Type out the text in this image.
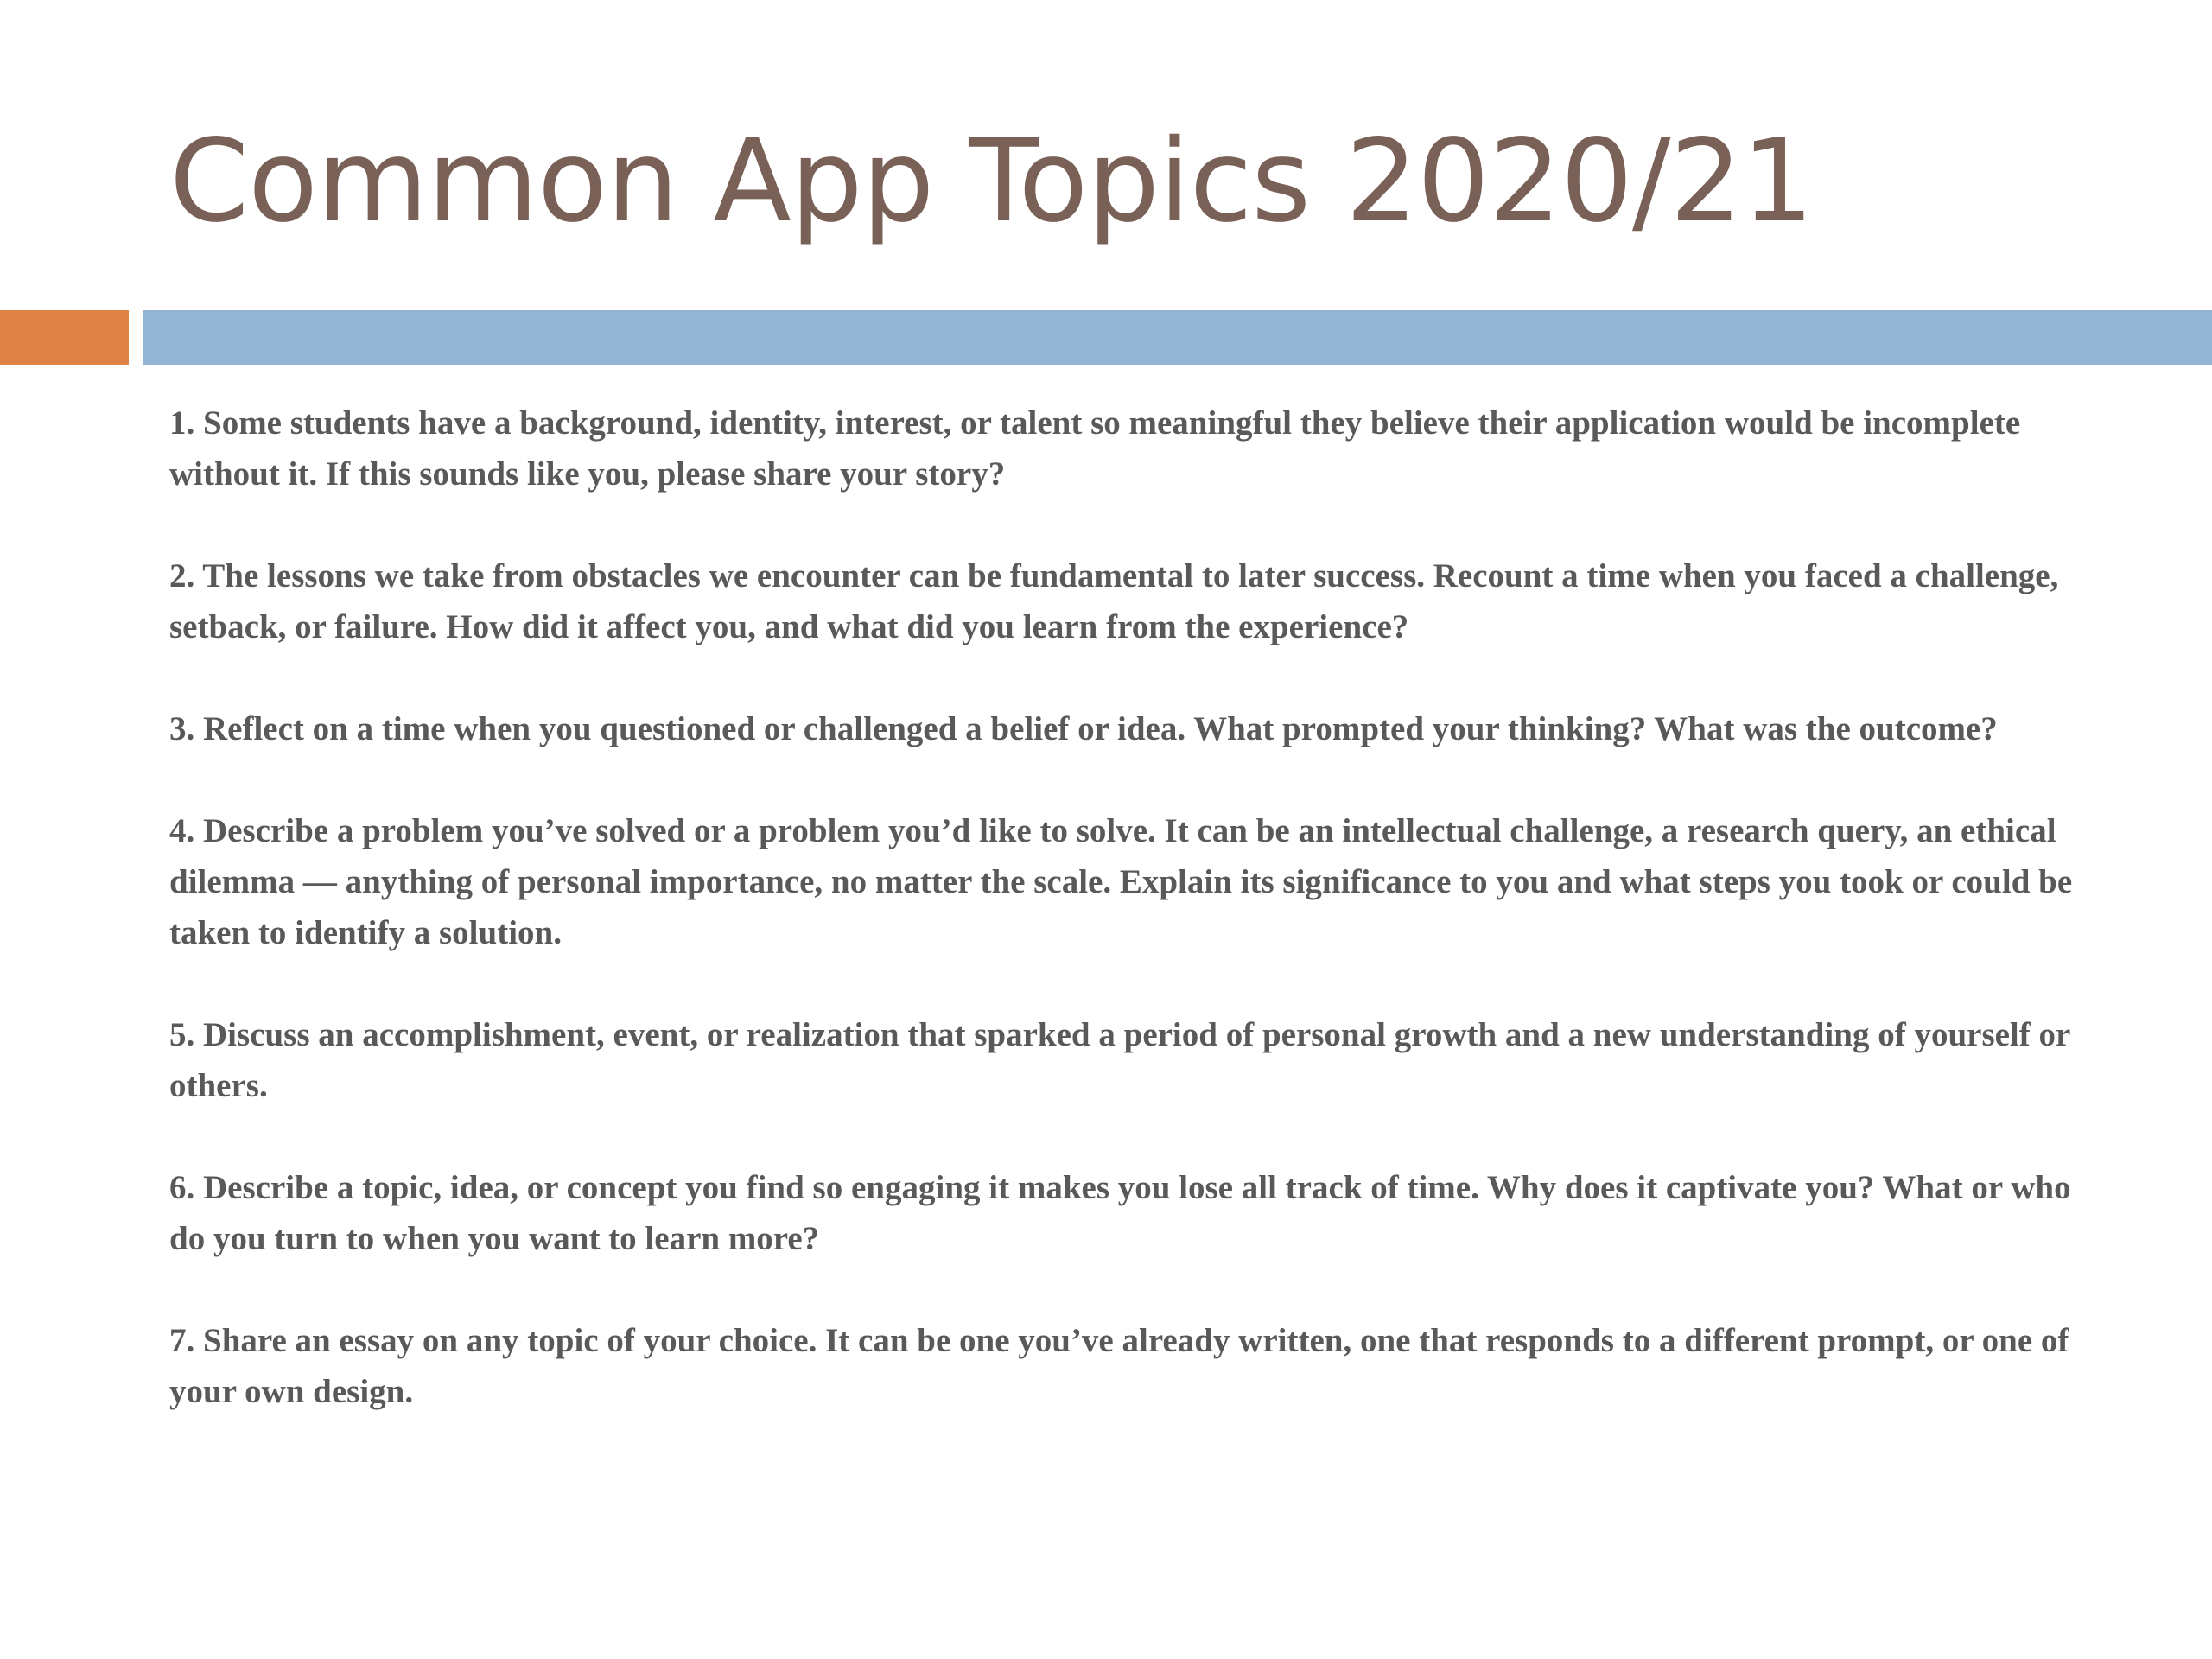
Common App Topics 2020/21
1. Some students have a background, identity, interest, or talent so meaningful they believe their application would be incomplete without it. If this sounds like you, please share your story?
2. The lessons we take from obstacles we encounter can be fundamental to later success. Recount a time when you faced a challenge, setback, or failure. How did it affect you, and what did you learn from the experience?
3. Reflect on a time when you questioned or challenged a belief or idea. What prompted your thinking? What was the outcome?
4. Describe a problem you’ve solved or a problem you’d like to solve. It can be an intellectual challenge, a research query, an ethical dilemma — anything of personal importance, no matter the scale. Explain its significance to you and what steps you took or could be taken to identify a solution.
5. Discuss an accomplishment, event, or realization that sparked a period of personal growth and a new understanding of yourself or others.
6. Describe a topic, idea, or concept you find so engaging it makes you lose all track of time. Why does it captivate you? What or who do you turn to when you want to learn more?
7. Share an essay on any topic of your choice. It can be one you’ve already written, one that responds to a different prompt, or one of your own design.
